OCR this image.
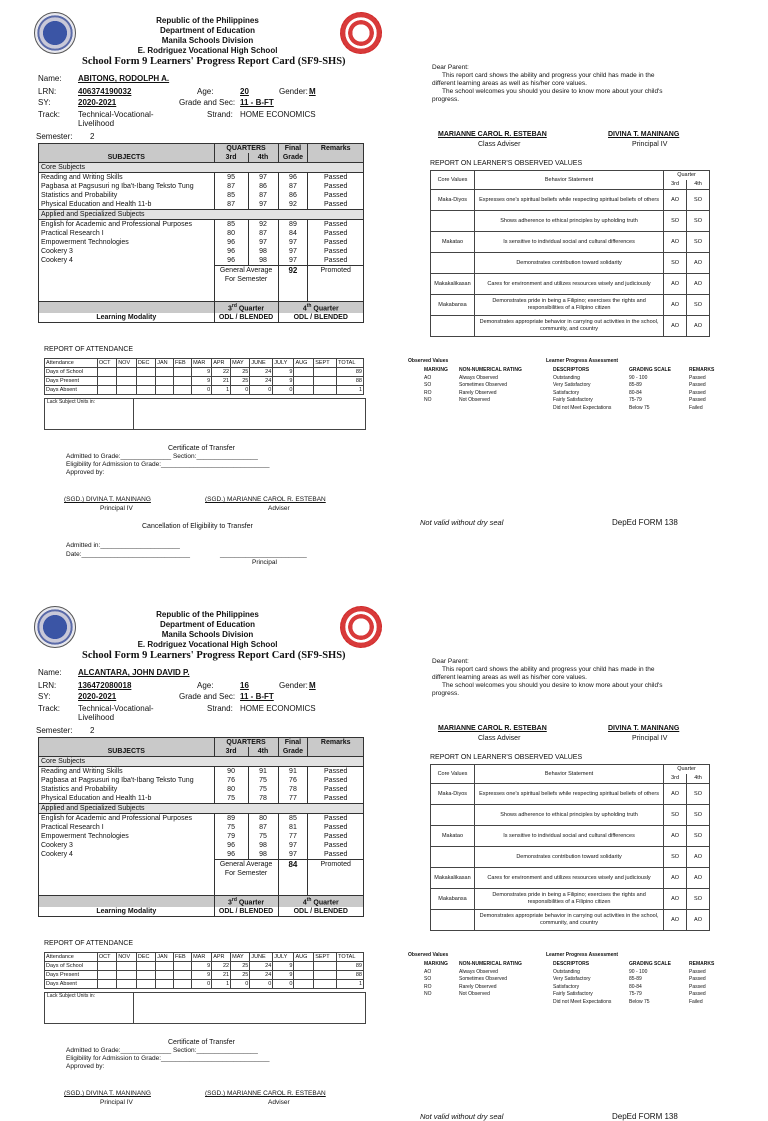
Republic of the Philippines
Department of Education
Manila Schools Division
E. Rodriguez Vocational High School
School Form 9 Learners' Progress Report Card (SF9-SHS)
Name: ABITONG, RODOLPH A.
LRN:	406374190032	Age:	20	Gender: M
SY:	2020-2021	Grade and Sec: 11 - B-FT
Track: Technical-Vocational-Livelihood
Strand: HOME ECONOMICS
Semester: 2
	QUARTERS		Final	Remarks
SUBJECTS	3rd	4th	Grade	
Core Subjects				
Reading and Writing Skills	95	97	96	Passed
Pagbasa at Pagsusuri ng Iba't-Ibang Teksto Tung	87	86	87	Passed
Statistics and Probability	85	87	86	Passed
Physical Education and Health 11-b	87	97	92	Passed
Applied and Specialized Subjects				
English for Academic and Professional Purposes	85	92	89	Passed
Practical Research I	80	87	84	Passed
Empowerment Technologies	96	97	97	Passed
Cookery 3	96	98	97	Passed
Cookery 4	96	98	97	Passed
	General Average For Semester		92	Promoted
	3rd Quarter		4th Quarter	
Learning Modality	ODL / BLENDED		ODL / BLENDED	
REPORT OF ATTENDANCE
Attendance	OCT	NOV	DEC	JAN	FEB	MAR	APR	MAY	JUNE	JULY	AUG	SEPT	TOTAL
Days of School						9	22	25	24	9			89
Days Present						9	21	25	24	9			88
Days Absent						0	1	0	0	0			1
Lack Subject Units in:
Certificate of Transfer
Admitted to Grade:______________ Section:_________________
Eligibility for Admission to Grade:______________________________
Approved by:
(SGD.) DIVINA T. MANINANG
Principal IV
(SGD.) MARIANNE CAROL R. ESTEBAN
Adviser
Dear Parent:
This report card shows the ability and progress your child has made in the different learning areas as well as his/her core values.
The school welcomes you should you desire to know more about your child's progress.
MARIANNE CAROL R. ESTEBAN
Class Adviser
DIVINA T. MANINANG
Principal IV
REPORT ON LEARNER'S OBSERVED VALUES
Core Values	Behavior Statement	Quarter	
		3rd	4th
Maka-Diyos	Expresses one's spiritual beliefs while respecting spiritual beliefs of others	AO	SO
	Shows adherence to ethical principles by upholding truth	SO	SO
Makatao	Is sensitive to individual social and cultural differences	AO	SO
	Demonstrates contribution toward solidarity	SO	AO
Makakalikasan	Cares for environment and utilizes resources wisely and judiciously	AO	AO
Makabansa	Demonstrates pride in being a Filipino; exercises the rights and responsibilities of a Filipino citizen	AO	SO
	Demonstrates appropriate behavior in carrying out activities in the school, community, and country	AO	AO
Observed Values	Learner Progress Assessment
MARKING	NON-NUMERICAL RATING	DESCRIPTORS	GRADING SCALE	REMARKS
AO	Always Observed	Outstanding	90 - 100	Passed
SO	Sometimes Observed	Very Satisfactory	85-89	Passed
RO	Rarely Observed	Satisfactory	80-84	Passed
NO	Not Observed	Fairly Satisfactory	75-79	Passed
		Did not Meet Expectations	Below 75	Failed
Not valid without dry seal	DepEd FORM 138
Cancellation of Eligibility to Transfer
Admitted in:______________________
Date:______________________________	________________________
Principal
Republic of the Philippines
Department of Education
Manila Schools Division
E. Rodriguez Vocational High School
School Form 9 Learners' Progress Report Card (SF9-SHS)
Name: ALCANTARA, JOHN DAVID P.
LRN:	136472080018	Age:	16	Gender: M
SY:	2020-2021	Grade and Sec: 11 - B-FT
Track: Technical-Vocational-Livelihood
Strand: HOME ECONOMICS
Semester: 2
	QUARTERS		Final	Remarks
SUBJECTS	3rd	4th	Grade	
Core Subjects				
Reading and Writing Skills	90	91	91	Passed
Pagbasa at Pagsusuri ng Iba't-Ibang Teksto Tung	76	75	76	Passed
Statistics and Probability	80	75	78	Passed
Physical Education and Health 11-b	75	78	77	Passed
Applied and Specialized Subjects				
English for Academic and Professional Purposes	89	80	85	Passed
Practical Research I	75	87	81	Passed
Empowerment Technologies	79	75	77	Passed
Cookery 3	96	98	97	Passed
Cookery 4	96	98	97	Passed
	General Average For Semester		84	Promoted
	3rd Quarter		4th Quarter	
Learning Modality	ODL / BLENDED		ODL / BLENDED	
REPORT OF ATTENDANCE
Attendance	OCT	NOV	DEC	JAN	FEB	MAR	APR	MAY	JUNE	JULY	AUG	SEPT	TOTAL
Days of School						9	22	25	24	9			89
Days Present						9	21	25	24	9			88
Days Absent						0	1	0	0	0			1
Lack Subject Units in:
Certificate of Transfer
Admitted to Grade:______________ Section:_________________
Eligibility for Admission to Grade:______________________________
Approved by:
(SGD.) DIVINA T. MANINANG
Principal IV
(SGD.) MARIANNE CAROL R. ESTEBAN
Adviser
Dear Parent:
This report card shows the ability and progress your child has made in the different learning areas as well as his/her core values.
The school welcomes you should you desire to know more about your child's progress.
MARIANNE CAROL R. ESTEBAN
Class Adviser
DIVINA T. MANINANG
Principal IV
REPORT ON LEARNER'S OBSERVED VALUES
Core Values	Behavior Statement	Quarter	
		3rd	4th
Maka-Diyos	Expresses one's spiritual beliefs while respecting spiritual beliefs of others	AO	SO
	Shows adherence to ethical principles by upholding truth	SO	SO
Makatao	Is sensitive to individual social and cultural differences	AO	SO
	Demonstrates contribution toward solidarity	SO	AO
Makakalikasan	Cares for environment and utilizes resources wisely and judiciously	AO	AO
Makabansa	Demonstrates pride in being a Filipino; exercises the rights and responsibilities of a Filipino citizen	AO	SO
	Demonstrates appropriate behavior in carrying out activities in the school, community, and country	AO	AO
Observed Values	Learner Progress Assessment
MARKING	NON-NUMERICAL RATING	DESCRIPTORS	GRADING SCALE	REMARKS
AO	Always Observed	Outstanding	90 - 100	Passed
SO	Sometimes Observed	Very Satisfactory	85-89	Passed
RO	Rarely Observed	Satisfactory	80-84	Passed
NO	Not Observed	Fairly Satisfactory	75-79	Passed
		Did not Meet Expectations	Below 75	Failed
Not valid without dry seal	DepEd FORM 138
